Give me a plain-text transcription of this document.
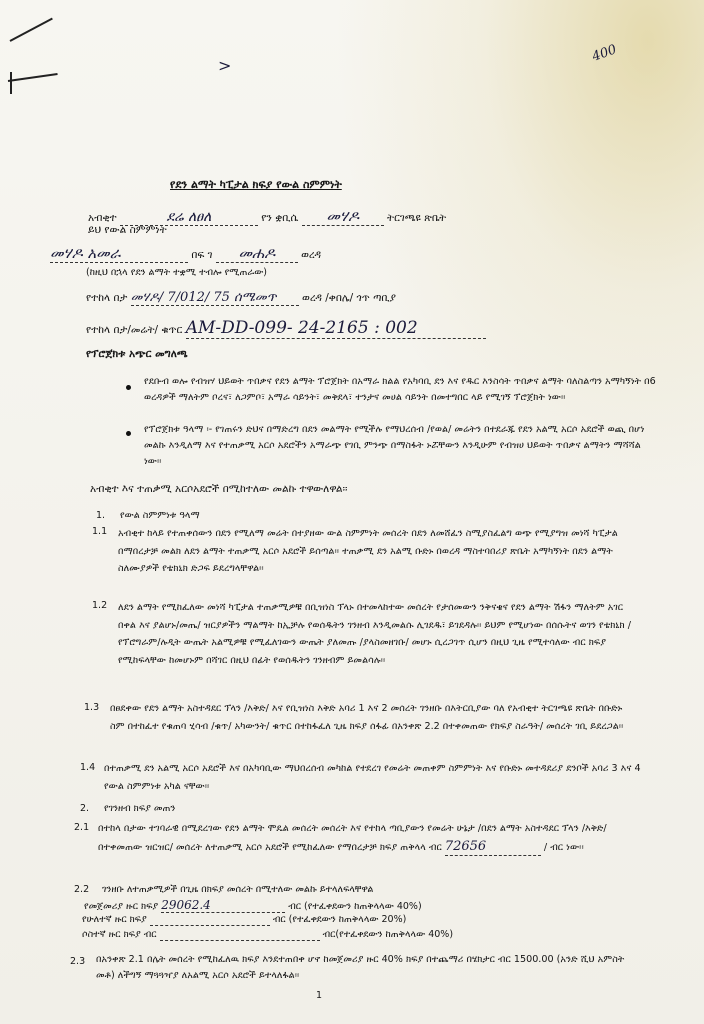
>
400
የደን ልማት ካፒታል ክፍያ የውል ስምምነት
አብቂተ	ደሬ ለፀለ	የን ቋቢሴ መሃዶ	ትርገጫዩ ጽቤት
ይህ የውል ስምምነት
መሃዶ አመራ	በፍ ገ መሐዶ ወረዳ
(ከዚህ በኋላ የደን ልማት ተቋሚ ተብሎ የሚጠራው)
የተከላ በታ መሃዶ/ 7/012/ 75 ሰሜመጥ ወረዳ /ቀበሌ/ ጎጥ ጣቢያ
የተከላ በታ/መሬት/ ቁጥር AM-DD-099- 24-2165 : 002
የፕሮጀክቱ አጭር መግለጫ
የደቡብ ወሎ የብዝሃ ህይወት ጥበቃና የደን ልማት ፕሮጀክት በአማራ ክልል የአካባቢ ደን እና የዱር እንስሳት ጥበቃና ልማት ባለስልጣን አማካኝነት በ6 ወረዳዎች ማለትም ቦረና፣ ለጋምቦ፣ አማራ ሳይንት፣ መቅደላ፣ ተንታና መሀል ሳይንት በመተግበር ላይ የሚገኝ ፕሮጀክት ነው፡፡
የፕሮጀክቱ ዓላማ ፡- የገጠሩን ድህና በማድረግ በደን መልማት የሚችሉ የማህረሰብ /የወል/ መሬትን በተደራጁ የደን አልሚ አርሶ አደሮች ወጪ በሆነ መልኩ እንዲለማ እና የተጠቃሚ አርሶ አደሮችን አማራጭ የገቢ ምንጭ በማስፋት ኑሯቸውን እንዲሁም የብዝሀ ህይወት ጥበቃና ልማትን ማሻሻል ነው፡፡
አብቂተ እና ተጠቃሚ አርሶአደሮች በሚከተለው መልኩ ተዋውለዋል፡፡
1. የውል ስምምነቱ ዓላማ
1.1 አብቂተ ከላይ የተጠቀሰውን በደን የሚለማ መሬት በተያዘው ውል ስምምነት መሰረት በደን ለመሸፈን ስሚያስፈልግ ወጭ የሚያግዝ መነሻ ካፒታል በማበረታቻ መልክ ለደን ልማት ተጠቃሚ አርሶ አደሮች ይሰጣል፡፡ ተጠቃሚ ደን አልሚ ቡድኑ በወረዳ ማስተባበሪያ ጽቤት አማካኝነት በደን ልማት ስለሙያዎች የቴክኒክ ድጋፍ ይደረግላቸዋል፡፡
1.2 ለደን ልማት የሚከፈለው መነሻ ካፒታል ተጠቃሚዎቹ በቢዝነስ ፕላኑ በተመላከተው መሰረት የታሰመውን ንቅናቄና የደን ልማት ሽፋን ማለትም አገር በቀል እና ያልሆኑ/መጤ/ ዝርያዎችን ማልማት ከኢቻሉ የወሰዱትን ገንዘብ እንዲመልሱ ሊገደዱ፣ ይገደዳሉ፡፡ ይህም የሚሆነው በሰሱትና ወገን የቴክኒክ /የፕሮግራም/ሉዲት ውጤት አልሚዎቹ የሚፈለገውን ውጤት ያለመጡ /ያላስመዘገቡ/ መሆኑ ሲረጋገጥ ሲሆን በዚህ ጊዜ የሚተሳለው ብር ክፍያ የሚከፍላቸው ከመሆኑም በሻገር በዚህ በፊት የወሰዱትን ገንዘብም ይመልሳሉ፡፡
1.3 በፀደቀው የደን ልማት አስተዳደር ፕላን /እቅድ/ እና የቢዝነስ እቅድ አባሪ 1 እና 2 መሰረት ገንዘቡ በእትርቢያው ባለ የአብቂተ ትርገጫዩ ጽቤት በቡድኑ ስም በተከፈተ የቁጠባ ሂሳብ /ቁጥ/ አካውንት/ ቁጥር በተከፋፈለ ጊዜ ክፍያ ሰፋፊ በአንቀጽ 2.2 በተቀመጠው የክፍያ ስራዓት/ መሰረት ገቢ ይደረጋል፡፡
1.4 በተጠቃሚ ደን አልሚ አርሶ አደሮች እና በአካባቢው ማህበረሰብ መካከል የተደረገ የመሬት መጠቀም ስምምነት እና የቡድኑ መተዳደሪያ ደንቦች አባሪ 3 እና 4 የውል ስምምነቱ አካል ናቸው፡፡
2. የገንዘብ ክፍያ መጠን
2.1 በተከላ በታው ተገባራዊ በሚደረገው የደን ልማት ሞዴል መሰረት መሰረት እና የተከላ ጣቢያውን የመሬት ሁኔታ /በደን ልማት አስተዳደር ፕላን /እቅድ/ በተቀመጠው ዝርዝር/ መሰረት ለተጠቃሚ አርሶ አደሮች የሚከፈለው የማበረታቻ ክፍያ ጠቅላላ ብር 72656	/ ብር ነው፡፡
2.2 ገንዘቡ ለተጠቃሚዎች በጊዜ በክፍያ መሰረት በሚተለው መልኩ ይተላለፍላቸዋል
የመጀመሪያ ዙር ክፍያ 29062.4	ብር (የተፈቀደውን ከጠቅላላው 40%)
የሁለተኛ ዙር ክፍያ	ብር (የተፈቀደውን ከጠቅላላው 20%)
ሶስተኛ ዙር ክፍያ ብር	ብር(የተፈቀደውን ከጠቅላላው 40%)
2.3 በአንቀጽ 2.1 በሌት መሰረት የሚከፈለዉ ክፍያ እንደተጠበቀ ሆኖ ከመጀመሪያ ዙር 40% ክፍያ በተጨማሪ በሄክታር ብር 1500.00 (አንድ ሺህ አምስት መቶ) ለችግኝ ማጓጓዣያ ለአልሚ አርሶ አደሮች ይተላለፋል፡፡
1
